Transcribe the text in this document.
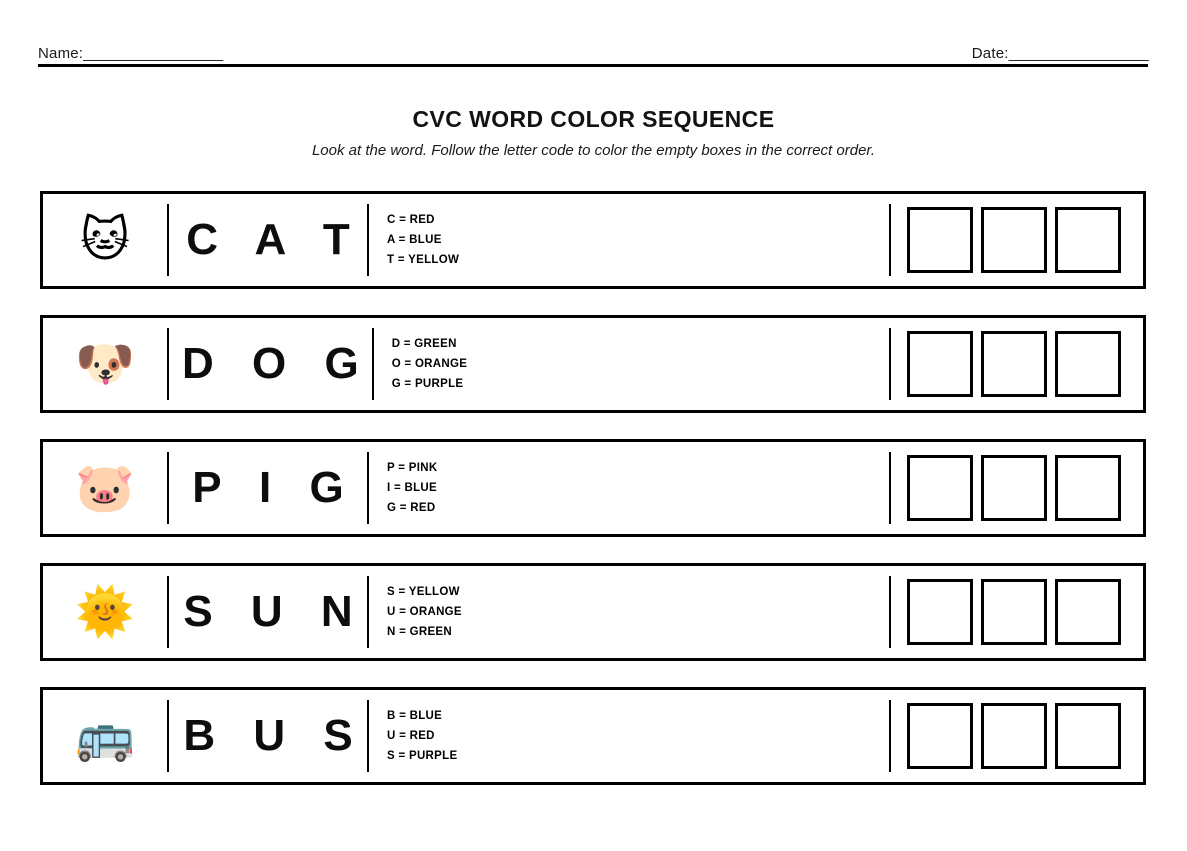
Name:__________________	Date:__________________
CVC WORD COLOR SEQUENCE
Look at the word. Follow the letter code to color the empty boxes in the correct order.
🐱 C A T C = RED
A = BLUE
T = YELLOW
🐶 D O G D = GREEN
O = ORANGE
G = PURPLE
🐷 P I G	P = PINK
I = BLUE
G = RED
🌞 S U N S = YELLOW
U = ORANGE
N = GREEN
🚌 B U S B = BLUE
U = RED
S = PURPLE
